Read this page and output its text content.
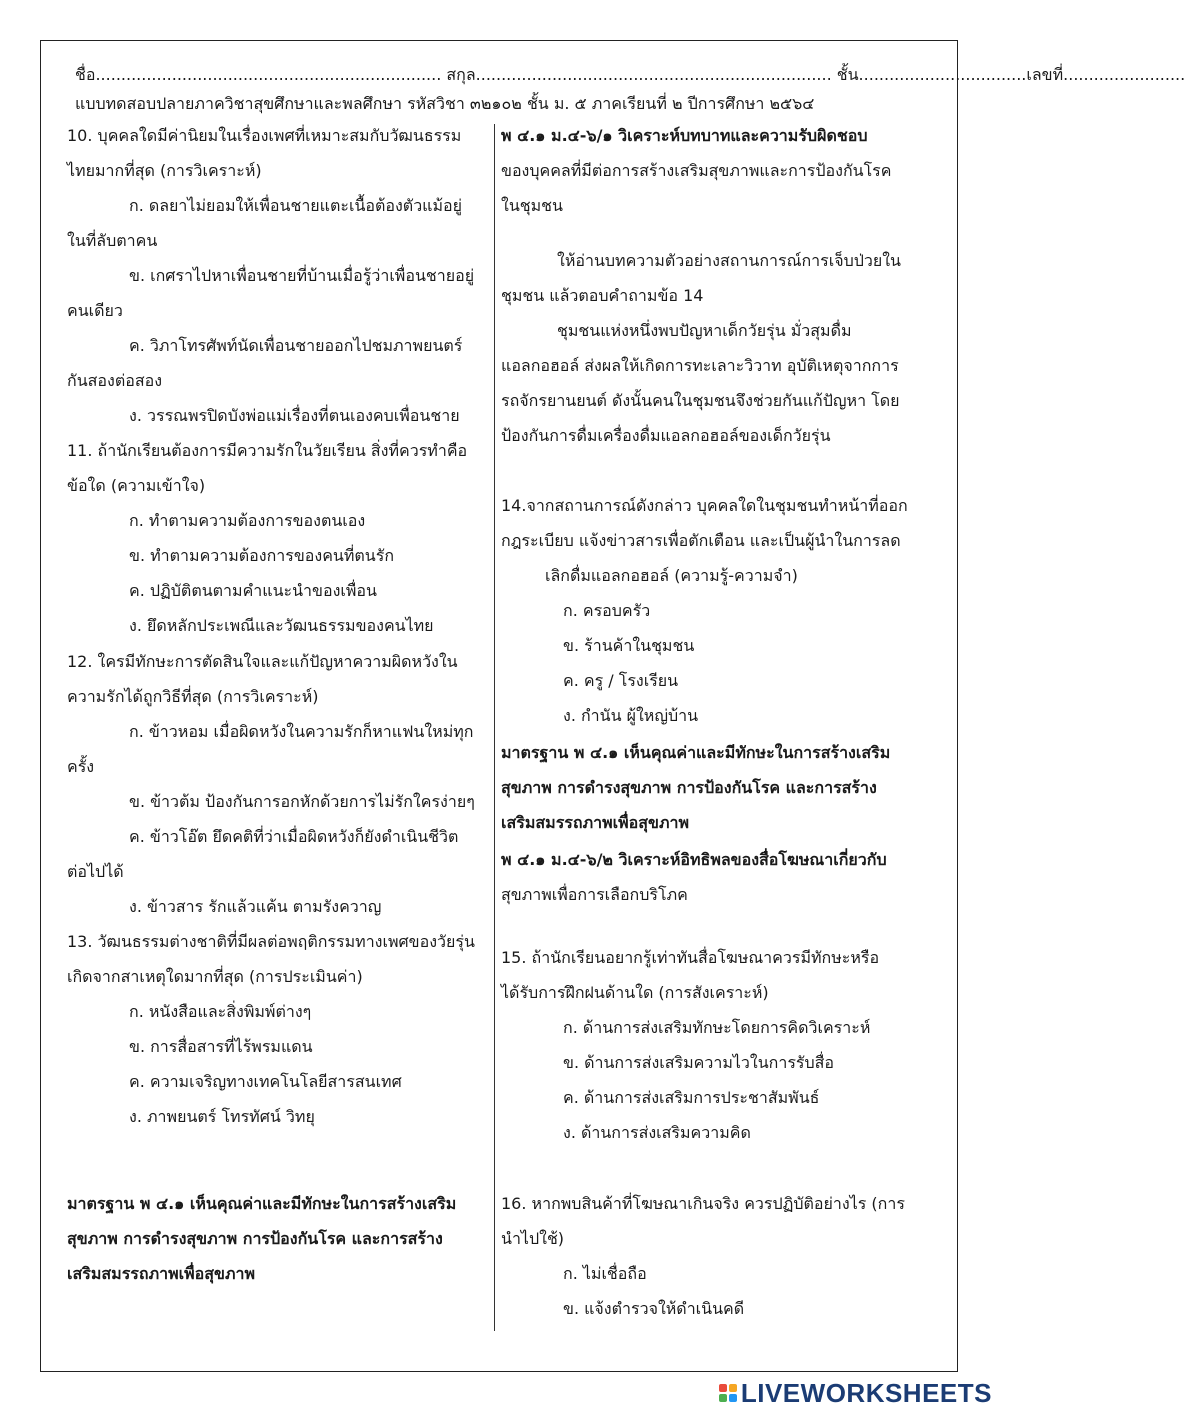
ชื่อ.................................................................... สกุล...................................................................... ชั้น.................................เลขที่........................
แบบทดสอบปลายภาควิชาสุขศึกษาและพลศึกษา รหัสวิชา ๓๒๑๐๒ ชั้น ม. ๕ ภาคเรียนที่ ๒ ปีการศึกษา ๒๕๖๔
10. บุคคลใดมีค่านิยมในเรื่องเพศที่เหมาะสมกับวัฒนธรรม
ไทยมากที่สุด (การวิเคราะห์)
ก. ดลยาไม่ยอมให้เพื่อนชายแตะเนื้อต้องตัวแม้อยู่
ในที่ลับตาคน
ข. เกศราไปหาเพื่อนชายที่บ้านเมื่อรู้ว่าเพื่อนชายอยู่
คนเดียว
ค. วิภาโทรศัพท์นัดเพื่อนชายออกไปชมภาพยนตร์
กันสองต่อสอง
ง. วรรณพรปิดบังพ่อแม่เรื่องที่ตนเองคบเพื่อนชาย
11. ถ้านักเรียนต้องการมีความรักในวัยเรียน สิ่งที่ควรทำคือ
ข้อใด (ความเข้าใจ)
ก. ทำตามความต้องการของตนเอง
ข. ทำตามความต้องการของคนที่ตนรัก
ค. ปฏิบัติตนตามคำแนะนำของเพื่อน
ง. ยึดหลักประเพณีและวัฒนธรรมของคนไทย
12. ใครมีทักษะการตัดสินใจและแก้ปัญหาความผิดหวังใน
ความรักได้ถูกวิธีที่สุด (การวิเคราะห์)
ก. ข้าวหอม เมื่อผิดหวังในความรักก็หาแฟนใหม่ทุก
ครั้ง
ข. ข้าวต้ม ป้องกันการอกหักด้วยการไม่รักใครง่ายๆ
ค. ข้าวโอ๊ต ยึดคติที่ว่าเมื่อผิดหวังก็ยังดำเนินชีวิต
ต่อไปได้
ง. ข้าวสาร รักแล้วแค้น ตามรังควาญ
13. วัฒนธรรมต่างชาติที่มีผลต่อพฤติกรรมทางเพศของวัยรุ่น
เกิดจากสาเหตุใดมากที่สุด (การประเมินค่า)
ก. หนังสือและสิ่งพิมพ์ต่างๆ
ข. การสื่อสารที่ไร้พรมแดน
ค. ความเจริญทางเทคโนโลยีสารสนเทศ
ง. ภาพยนตร์ โทรทัศน์ วิทยุ
มาตรฐาน พ ๔.๑ เห็นคุณค่าและมีทักษะในการสร้างเสริม
สุขภาพ การดำรงสุขภาพ การป้องกันโรค และการสร้าง
เสริมสมรรถภาพเพื่อสุขภาพ
พ ๔.๑ ม.๔-๖/๑ วิเคราะห์บทบาทและความรับผิดชอบ
ของบุคคลที่มีต่อการสร้างเสริมสุขภาพและการป้องกันโรค
ในชุมชน
ให้อ่านบทความตัวอย่างสถานการณ์การเจ็บป่วยใน
ชุมชน แล้วตอบคำถามข้อ 14
ชุมชนแห่งหนึ่งพบปัญหาเด็กวัยรุ่น มั่วสุมดื่ม
แอลกอฮอล์ ส่งผลให้เกิดการทะเลาะวิวาท อุบัติเหตุจากการ
รถจักรยานยนต์ ดังนั้นคนในชุมชนจึงช่วยกันแก้ปัญหา โดย
ป้องกันการดื่มเครื่องดื่มแอลกอฮอล์ของเด็กวัยรุ่น
14.จากสถานการณ์ดังกล่าว บุคคลใดในชุมชนทำหน้าที่ออก
กฎระเบียบ แจ้งข่าวสารเพื่อตักเตือน และเป็นผู้นำในการลด
เลิกดื่มแอลกอฮอล์ (ความรู้-ความจำ)
ก. ครอบครัว
ข. ร้านค้าในชุมชน
ค. ครู / โรงเรียน
ง. กำนัน ผู้ใหญ่บ้าน
มาตรฐาน พ ๔.๑ เห็นคุณค่าและมีทักษะในการสร้างเสริม
สุขภาพ การดำรงสุขภาพ การป้องกันโรค และการสร้าง
เสริมสมรรถภาพเพื่อสุขภาพ
พ ๔.๑ ม.๔-๖/๒ วิเคราะห์อิทธิพลของสื่อโฆษณาเกี่ยวกับ
สุขภาพเพื่อการเลือกบริโภค
15. ถ้านักเรียนอยากรู้เท่าทันสื่อโฆษณาควรมีทักษะหรือ
ได้รับการฝึกฝนด้านใด (การสังเคราะห์)
ก. ด้านการส่งเสริมทักษะโดยการคิดวิเคราะห์
ข. ด้านการส่งเสริมความไวในการรับสื่อ
ค. ด้านการส่งเสริมการประชาสัมพันธ์
ง. ด้านการส่งเสริมความคิด
16. หากพบสินค้าที่โฆษณาเกินจริง ควรปฏิบัติอย่างไร (การ
นำไปใช้)
ก. ไม่เชื่อถือ
ข. แจ้งตำรวจให้ดำเนินคดี
LIVEWORKSHEETS
